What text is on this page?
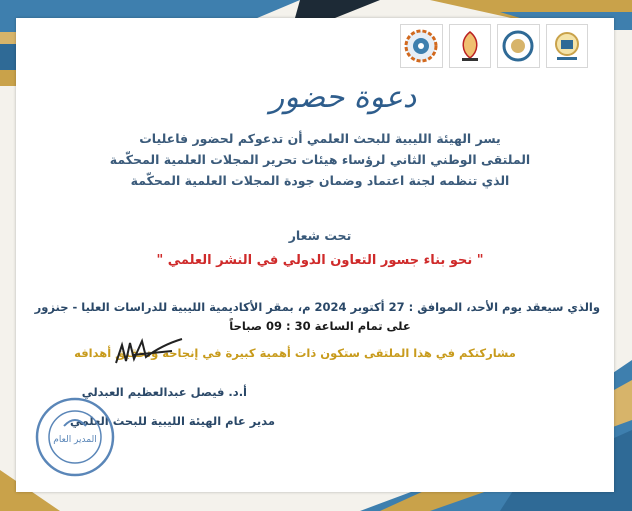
دعوة حضور
يسر الهيئة الليبية للبحث العلمي أن تدعوكم لحضور فاعليات
الملتقى الوطني الثاني لرؤساء هيئات تحرير المجلات العلمية المحكّمة
الذي تنظمه لجنة اعتماد وضمان جودة المجلات العلمية المحكّمة
تحت شعار
" نحو بناء جسور التعاون الدولي في النشر العلمي "
والذي سيعقد يوم الأحد، الموافق : 27 أكتوبر 2024 م، بمقر الأكاديمية الليبية للدراسات العليا - جنزور
على تمام الساعة 30 : 09 صباحاً
مشاركتكم في هذا الملتقى ستكون ذات أهمية كبيرة في إنجاحه وتحقيق أهدافه
أ.د. فيصل عبدالعظيم العبدلي
مدير عام الهيئة الليبية للبحث العلمي
المدير العام
